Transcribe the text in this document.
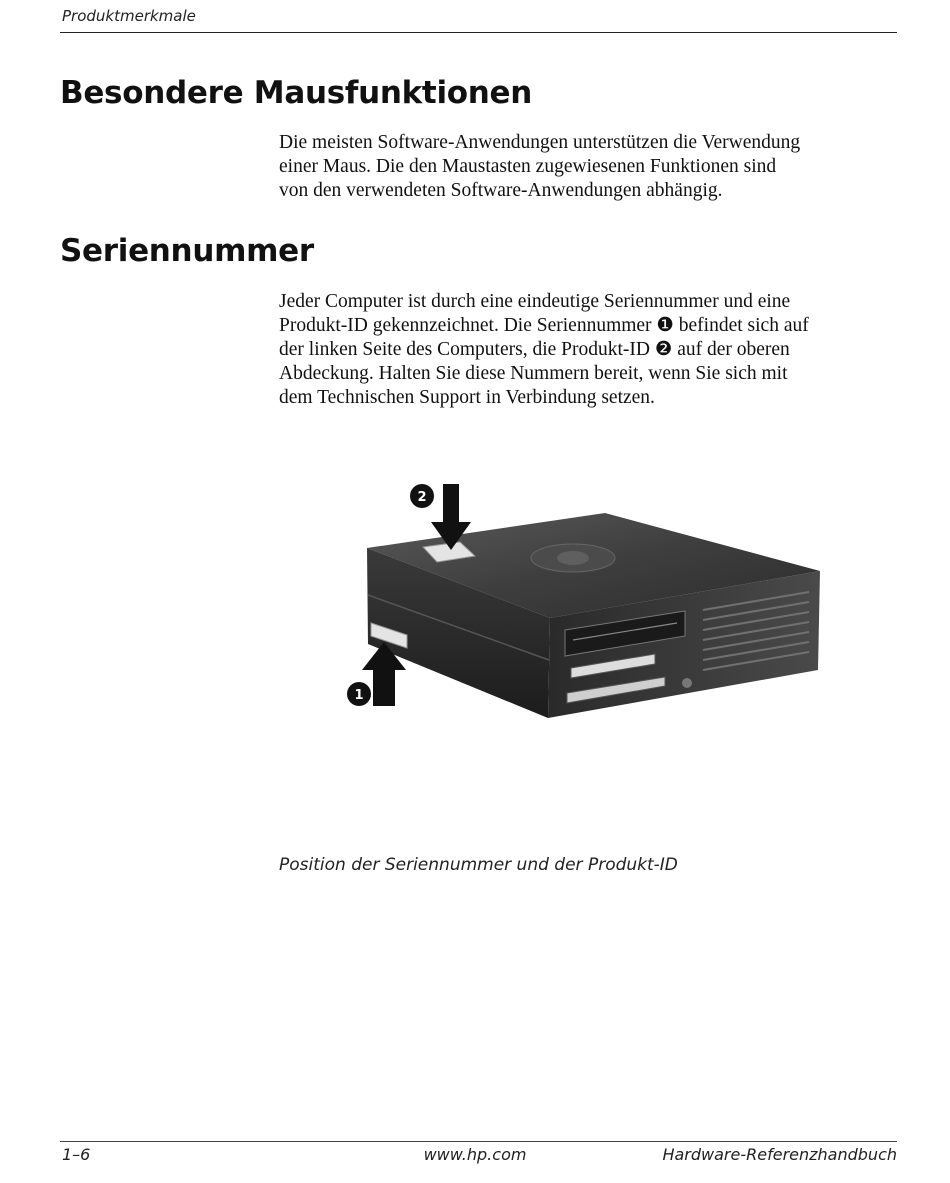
Produktmerkmale
Besondere Mausfunktionen
Die meisten Software-Anwendungen unterstützen die Verwendung
einer Maus. Die den Maustasten zugewiesenen Funktionen sind
von den verwendeten Software-Anwendungen abhängig.
Seriennummer
Jeder Computer ist durch eine eindeutige Seriennummer und eine
Produkt-ID gekennzeichnet. Die Seriennummer ❶ befindet sich auf
der linken Seite des Computers, die Produkt-ID ❷ auf der oberen
Abdeckung. Halten Sie diese Nummern bereit, wenn Sie sich mit
dem Technischen Support in Verbindung setzen.
2
1
Position der Seriennummer und der Produkt-ID
1–6	www.hp.com	Hardware-Referenzhandbuch
